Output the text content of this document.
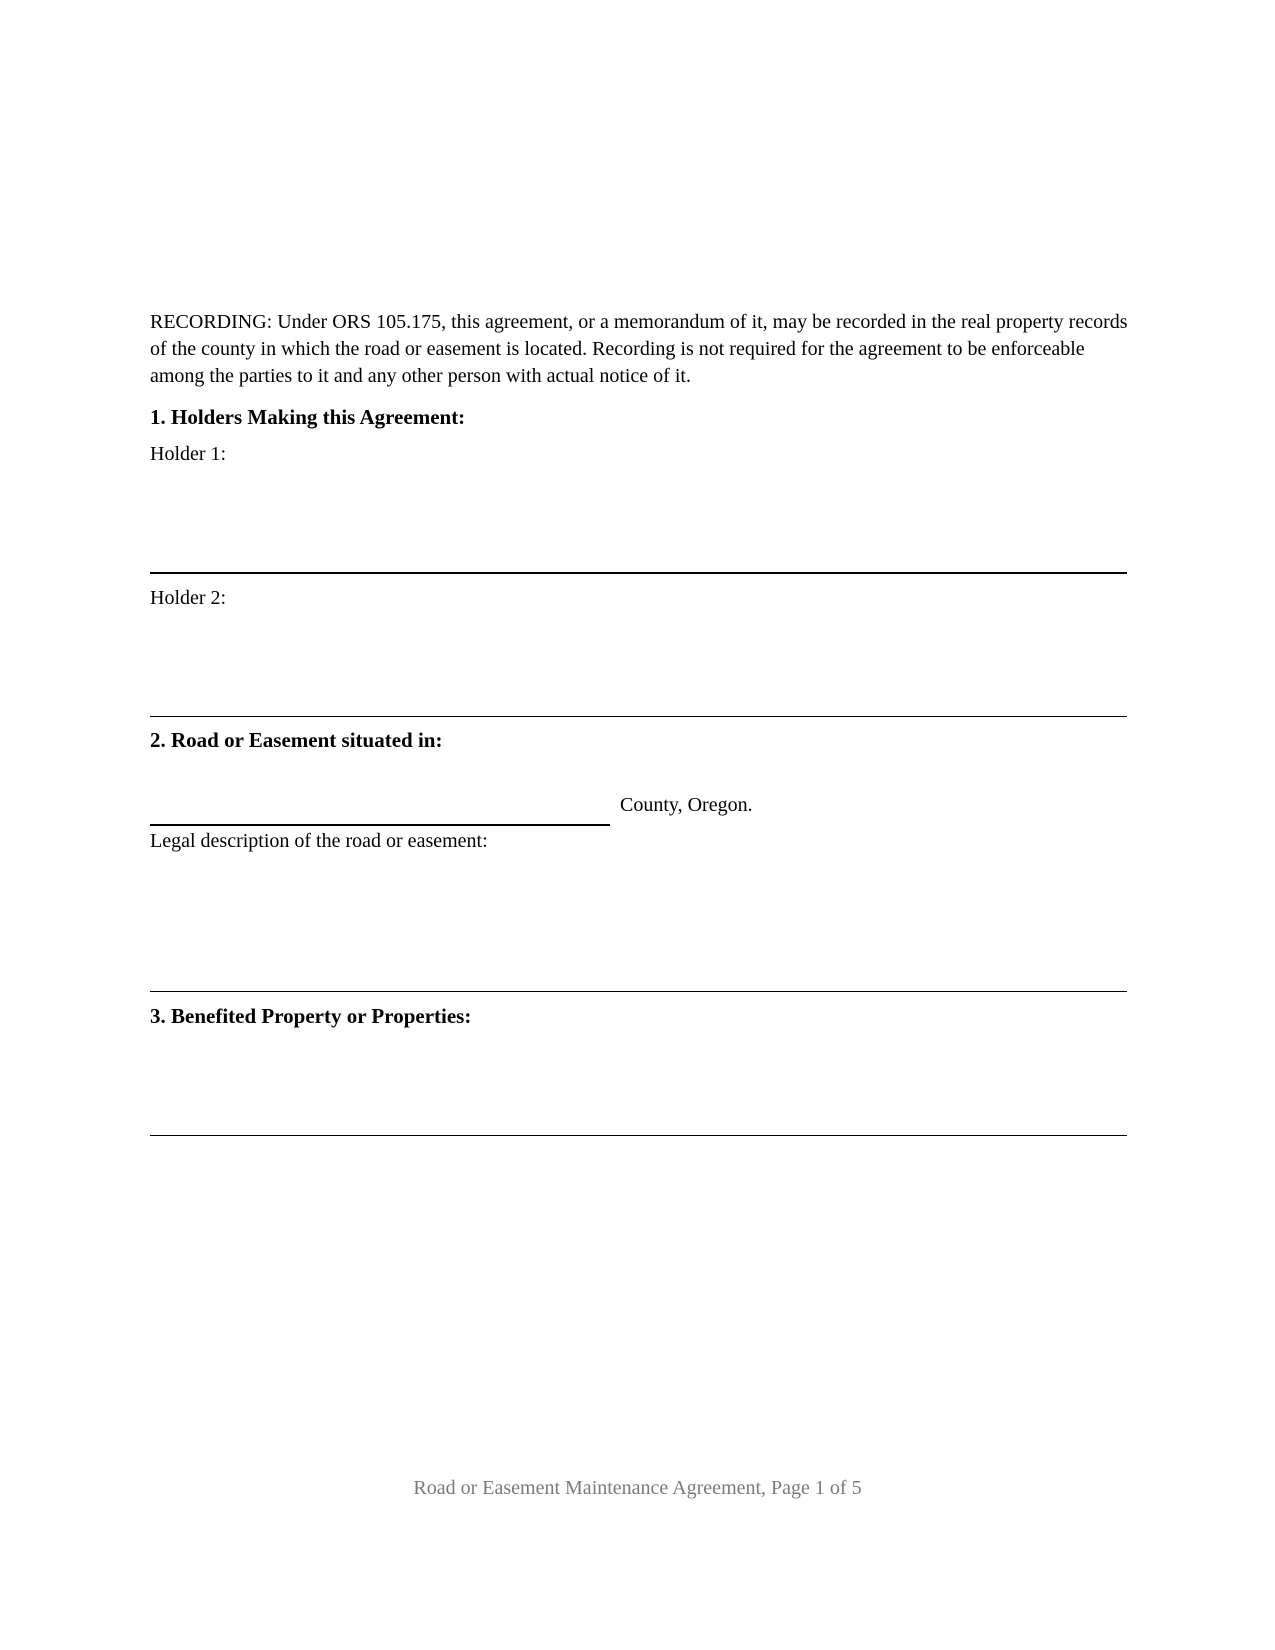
RECORDING: Under ORS 105.175, this agreement, or a memorandum of it, may be recorded in the real property records of the county in which the road or easement is located. Recording is not required for the agreement to be enforceable among the parties to it and any other person with actual notice of it.

1. Holders Making this Agreement:

Holder 1:

Holder 2:

2. Road or Easement situated in:
County, Oregon.

Legal description of the road or easement:

3. Benefited Property or Properties:
Road or Easement Maintenance Agreement, Page 1 of 5
